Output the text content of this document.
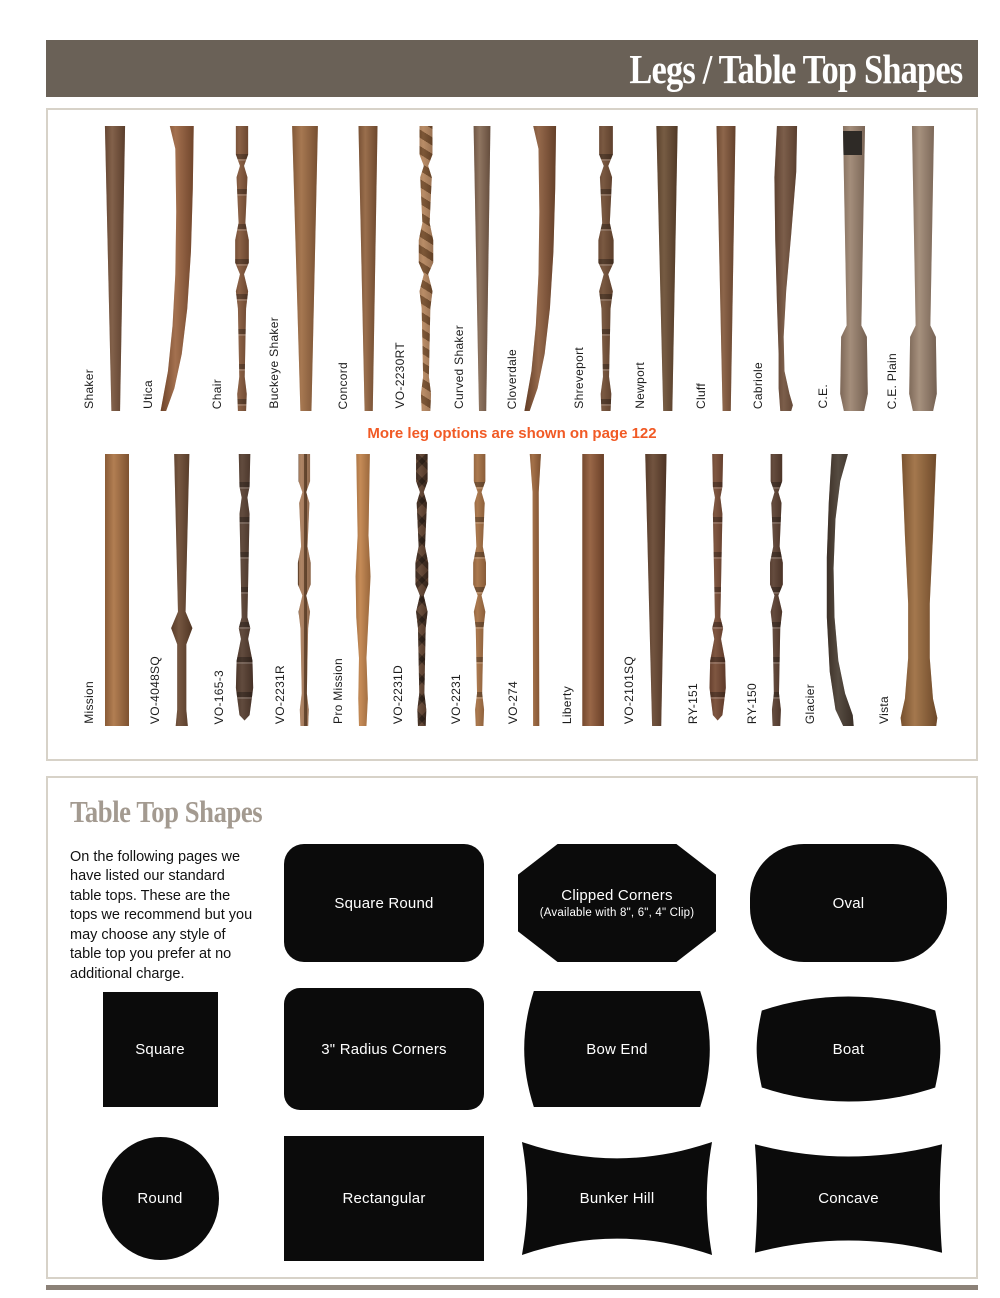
Legs / Table Top Shapes
Shaker	Utica	Chair	Buckeye Shaker	Concord	VO-2230RT	Curved Shaker	Cloverdale	Shreveport	Newport	Cluff	Cabriole	C.E.	C.E. Plain
More leg options are shown on page 122
Mission	VO-4048SQ	VO-165-3	VO-2231R	Pro Mission	VO-2231D	VO-2231	VO-274	Liberty	VO-2101SQ	RY-151	RY-150	Glacier	Vista
Table Top Shapes

On the following pages we have listed our standard table tops. These are the tops we recommend but you may choose any style of table top you prefer at no additional charge.

Square Round	Clipped Corners
(Available with 8", 6", 4" Clip)
Oval
Square	3" Radius Corners	Bow End	Boat
Round	Rectangular	Bunker Hill	Concave
